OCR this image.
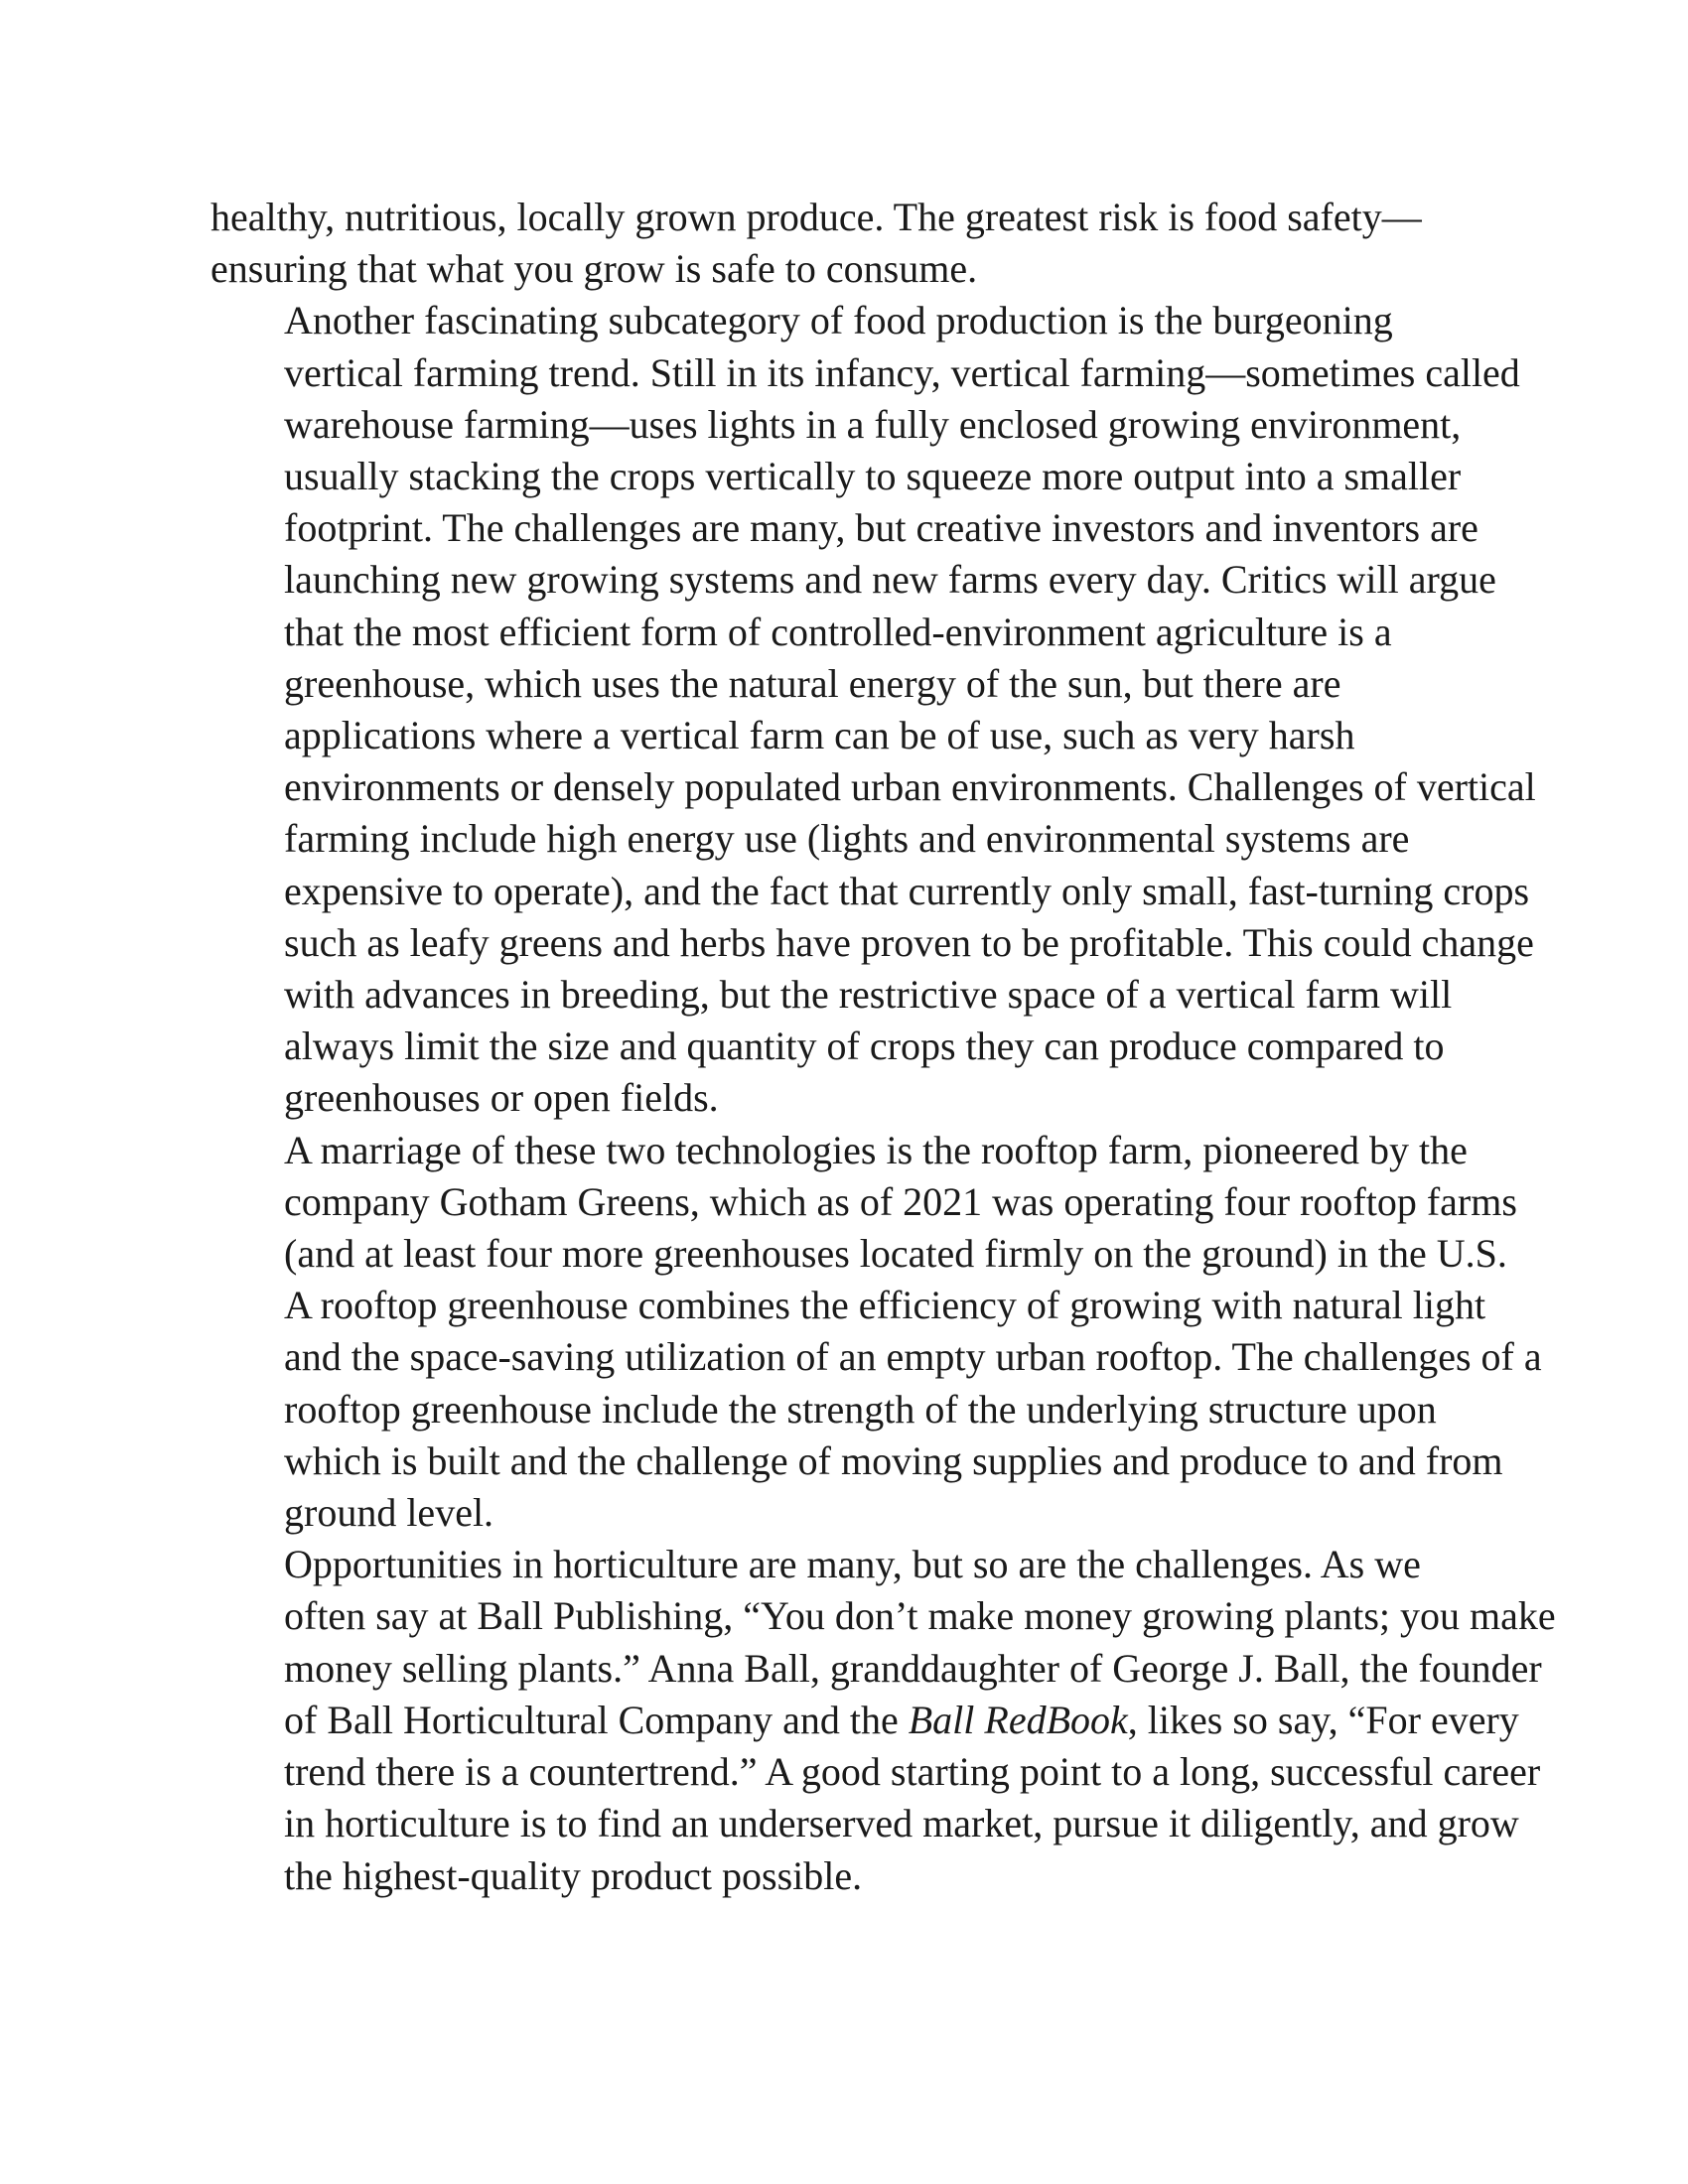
healthy, nutritious, locally grown produce. The greatest risk is food safety—
ensuring that what you grow is safe to consume.

Another fascinating subcategory of food production is the burgeoning
vertical farming trend. Still in its infancy, vertical farming—sometimes called
warehouse farming—uses lights in a fully enclosed growing environment,
usually stacking the crops vertically to squeeze more output into a smaller
footprint. The challenges are many, but creative investors and inventors are
launching new growing systems and new farms every day. Critics will argue
that the most efficient form of controlled-environment agriculture is a
greenhouse, which uses the natural energy of the sun, but there are
applications where a vertical farm can be of use, such as very harsh
environments or densely populated urban environments. Challenges of vertical
farming include high energy use (lights and environmental systems are
expensive to operate), and the fact that currently only small, fast-turning crops
such as leafy greens and herbs have proven to be profitable. This could change
with advances in breeding, but the restrictive space of a vertical farm will
always limit the size and quantity of crops they can produce compared to
greenhouses or open fields.

A marriage of these two technologies is the rooftop farm, pioneered by the
company Gotham Greens, which as of 2021 was operating four rooftop farms
(and at least four more greenhouses located firmly on the ground) in the U.S.
A rooftop greenhouse combines the efficiency of growing with natural light
and the space-saving utilization of an empty urban rooftop. The challenges of a
rooftop greenhouse include the strength of the underlying structure upon
which is built and the challenge of moving supplies and produce to and from
ground level.

Opportunities in horticulture are many, but so are the challenges. As we
often say at Ball Publishing, “You don’t make money growing plants; you make
money selling plants.” Anna Ball, granddaughter of George J. Ball, the founder
of Ball Horticultural Company and the Ball RedBook, likes so say, “For every
trend there is a countertrend.” A good starting point to a long, successful career
in horticulture is to find an underserved market, pursue it diligently, and grow
the highest-quality product possible.
